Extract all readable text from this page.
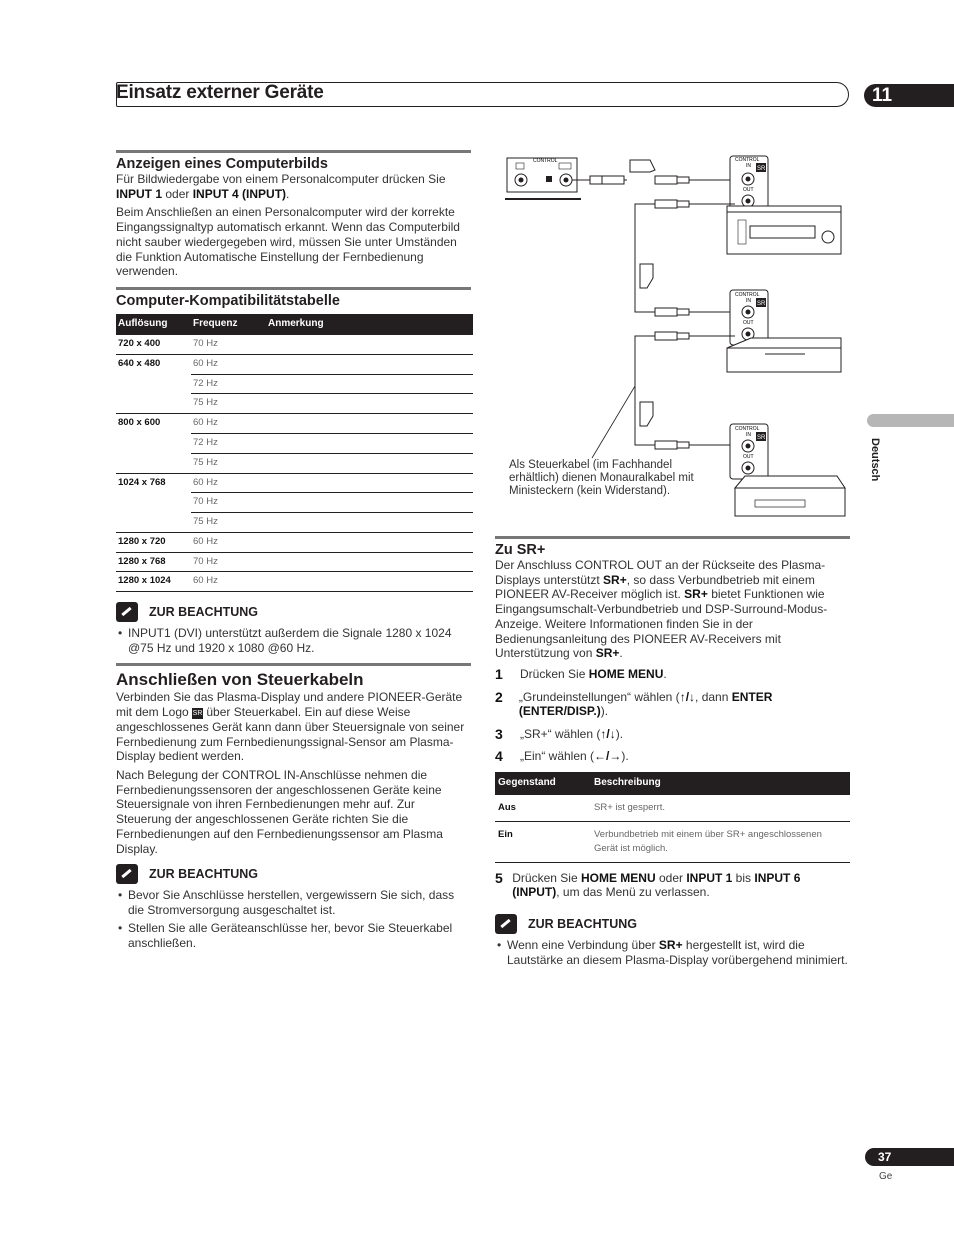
Einsatz externer Geräte	11
Deutsch
Anzeigen eines Computerbilds

Für Bildwiedergabe von einem Personalcomputer drücken Sie INPUT 1 oder INPUT 4 (INPUT).

Beim Anschließen an einen Personalcomputer wird der korrekte Eingangssignaltyp automatisch erkannt. Wenn das Computerbild nicht sauber wiedergegeben wird, müssen Sie unter Umständen die Funktion Automatische Einstellung der Fernbedienung verwenden.

Computer-Kompatibilitätstabelle
Auflösung	Frequenz	Anmerkung
720 x 400	70 Hz	
640 x 480	60 Hz	
	72 Hz	
	75 Hz	
800 x 600	60 Hz	
	72 Hz	
	75 Hz	
1024 x 768	60 Hz	
	70 Hz	
	75 Hz	
1280 x 720	60 Hz	
1280 x 768	70 Hz	
1280 x 1024	60 Hz	
ZUR BEACHTUNG
• INPUT1 (DVI) unterstützt außerdem die Signale 1280 x 1024 @75 Hz und 1920 x 1080 @60 Hz.
Anschließen von Steuerkabeln

Verbinden Sie das Plasma-Display und andere PIONEER-Geräte mit dem Logo SR über Steuerkabel. Ein auf diese Weise angeschlossenes Gerät kann dann über Steuersignale von seiner Fernbedienung zum Fernbedienungssignal-Sensor am Plasma-Display bedient werden.

Nach Belegung der CONTROL IN-Anschlüsse nehmen die Fernbedienungssensoren der angeschlossenen Geräte keine Steuersignale von ihren Fernbedienungen mehr auf. Zur Steuerung der angeschlossenen Geräte richten Sie die Fernbedienungen auf den Fernbedienungssensor am Plasma Display.

ZUR BEACHTUNG
• Bevor Sie Anschlüsse herstellen, vergewissern Sie sich, dass die Stromversorgung ausgeschaltet ist.
• Stellen Sie alle Geräteanschlüsse her, bevor Sie Steuerkabel anschließen.
CONTROL	CONTROL
IN SR
OUT
CONTROL
IN SR
OUT
CONTROL
IN SR
OUT
Als Steuerkabel (im Fachhandel erhältlich) dienen Monauralkabel mit Ministeckern (kein Widerstand).
Zu SR+

Der Anschluss CONTROL OUT an der Rückseite des Plasma-Displays unterstützt SR+, so dass Verbundbetrieb mit einem PIONEER AV-Receiver möglich ist. SR+ bietet Funktionen wie Eingangsumschalt-Verbundbetrieb und DSP-Surround-Modus-Anzeige. Weitere Informationen finden Sie in der Bedienungsanleitung des PIONEER AV-Receivers mit Unterstützung von SR+.

1	Drücken Sie HOME MENU.
2	„Grundeinstellungen“ wählen (↑/↓, dann ENTER (ENTER/DISP.)).
3	„SR+“ wählen (↑/↓).
4	„Ein“ wählen (←/→).
Gegenstand	Beschreibung
Aus	SR+ ist gesperrt.
Ein	Verbundbetrieb mit einem über SR+ angeschlossenen Gerät ist möglich.
5 Drücken Sie HOME MENU oder INPUT 1 bis INPUT 6 (INPUT), um das Menü zu verlassen.
ZUR BEACHTUNG
• Wenn eine Verbindung über SR+ hergestellt ist, wird die Lautstärke an diesem Plasma-Display vorübergehend minimiert.
37
Ge
